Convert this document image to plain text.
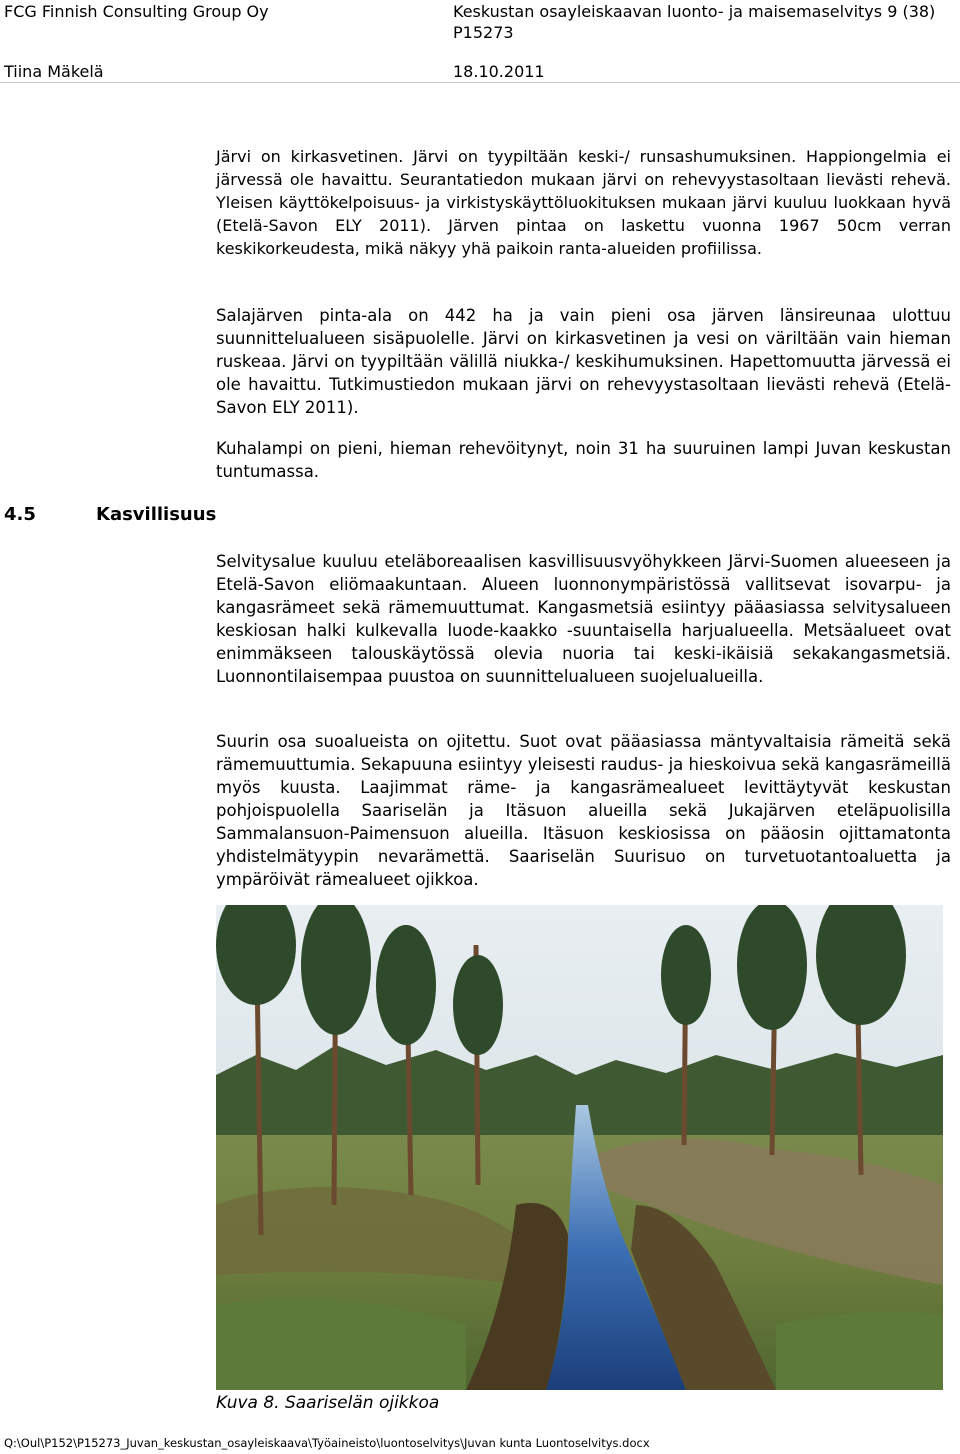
FCG Finnish Consulting Group Oy	Keskustan osayleiskaavan luonto- ja maisemaselvitys 9 (38)
P15273
Tiina Mäkelä	18.10.2011

Järvi on kirkasvetinen. Järvi on tyypiltään keski-/ runsashumuksinen. Happiongelmia ei järvessä ole havaittu. Seurantatiedon mukaan järvi on rehevyystasoltaan lievästi rehevä. Yleisen käyttökelpoisuus- ja virkistyskäyttöluokituksen mukaan järvi kuuluu luokkaan hyvä (Etelä-Savon ELY 2011). Järven pintaa on laskettu vuonna 1967 50cm verran keskikorkeudesta, mikä näkyy yhä paikoin ranta-alueiden profiilissa.

Salajärven pinta-ala on 442 ha ja vain pieni osa järven länsireunaa ulottuu suunnittelualueen sisäpuolelle. Järvi on kirkasvetinen ja vesi on väriltään vain hieman ruskeaa. Järvi on tyypiltään välillä niukka-/ keskihumuksinen. Hapettomuutta järvessä ei ole havaittu. Tutkimustiedon mukaan järvi on rehevyystasoltaan lievästi rehevä (Etelä-Savon ELY 2011).

Kuhalampi on pieni, hieman rehevöitynyt, noin 31 ha suuruinen lampi Juvan keskustan tuntumassa.

4.5	Kasvillisuus

Selvitysalue kuuluu eteläboreaalisen kasvillisuusvyöhykkeen Järvi-Suomen alueeseen ja Etelä-Savon eliömaakuntaan. Alueen luonnonympäristössä vallitsevat isovarpu- ja kangasrämeet sekä rämemuuttumat. Kangasmetsiä esiintyy pääasiassa selvitysalueen keskiosan halki kulkevalla luode-kaakko -suuntaisella harjualueella. Metsäalueet ovat enimmäkseen talouskäytössä olevia nuoria tai keski-ikäisiä sekakangasmetsiä. Luonnontilaisempaa puustoa on suunnittelualueen suojelualueilla.

Suurin osa suoalueista on ojitettu. Suot ovat pääasiassa mäntyvaltaisia rämeitä sekä rämemuuttumia. Sekapuuna esiintyy yleisesti raudus- ja hieskoivua sekä kangasrämeillä myös kuusta. Laajimmat räme- ja kangasrämealueet levittäytyvät keskustan pohjoispuolella Saariselän ja Itäsuon alueilla sekä Jukajärven eteläpuolisilla Sammalansuon-Paimensuon alueilla. Itäsuon keskiosissa on pääosin ojittamatonta yhdistelmätyypin nevarämettä. Saariselän Suurisuo on turvetuotantoaluetta ja ympäröivät rämealueet ojikkoa.

Kuva 8. Saariselän ojikkoa
Q:\Oul\P152\P15273_Juvan_keskustan_osayleiskaava\Työaineisto\luontoselvitys\Juvan kunta Luontoselvitys.docx
